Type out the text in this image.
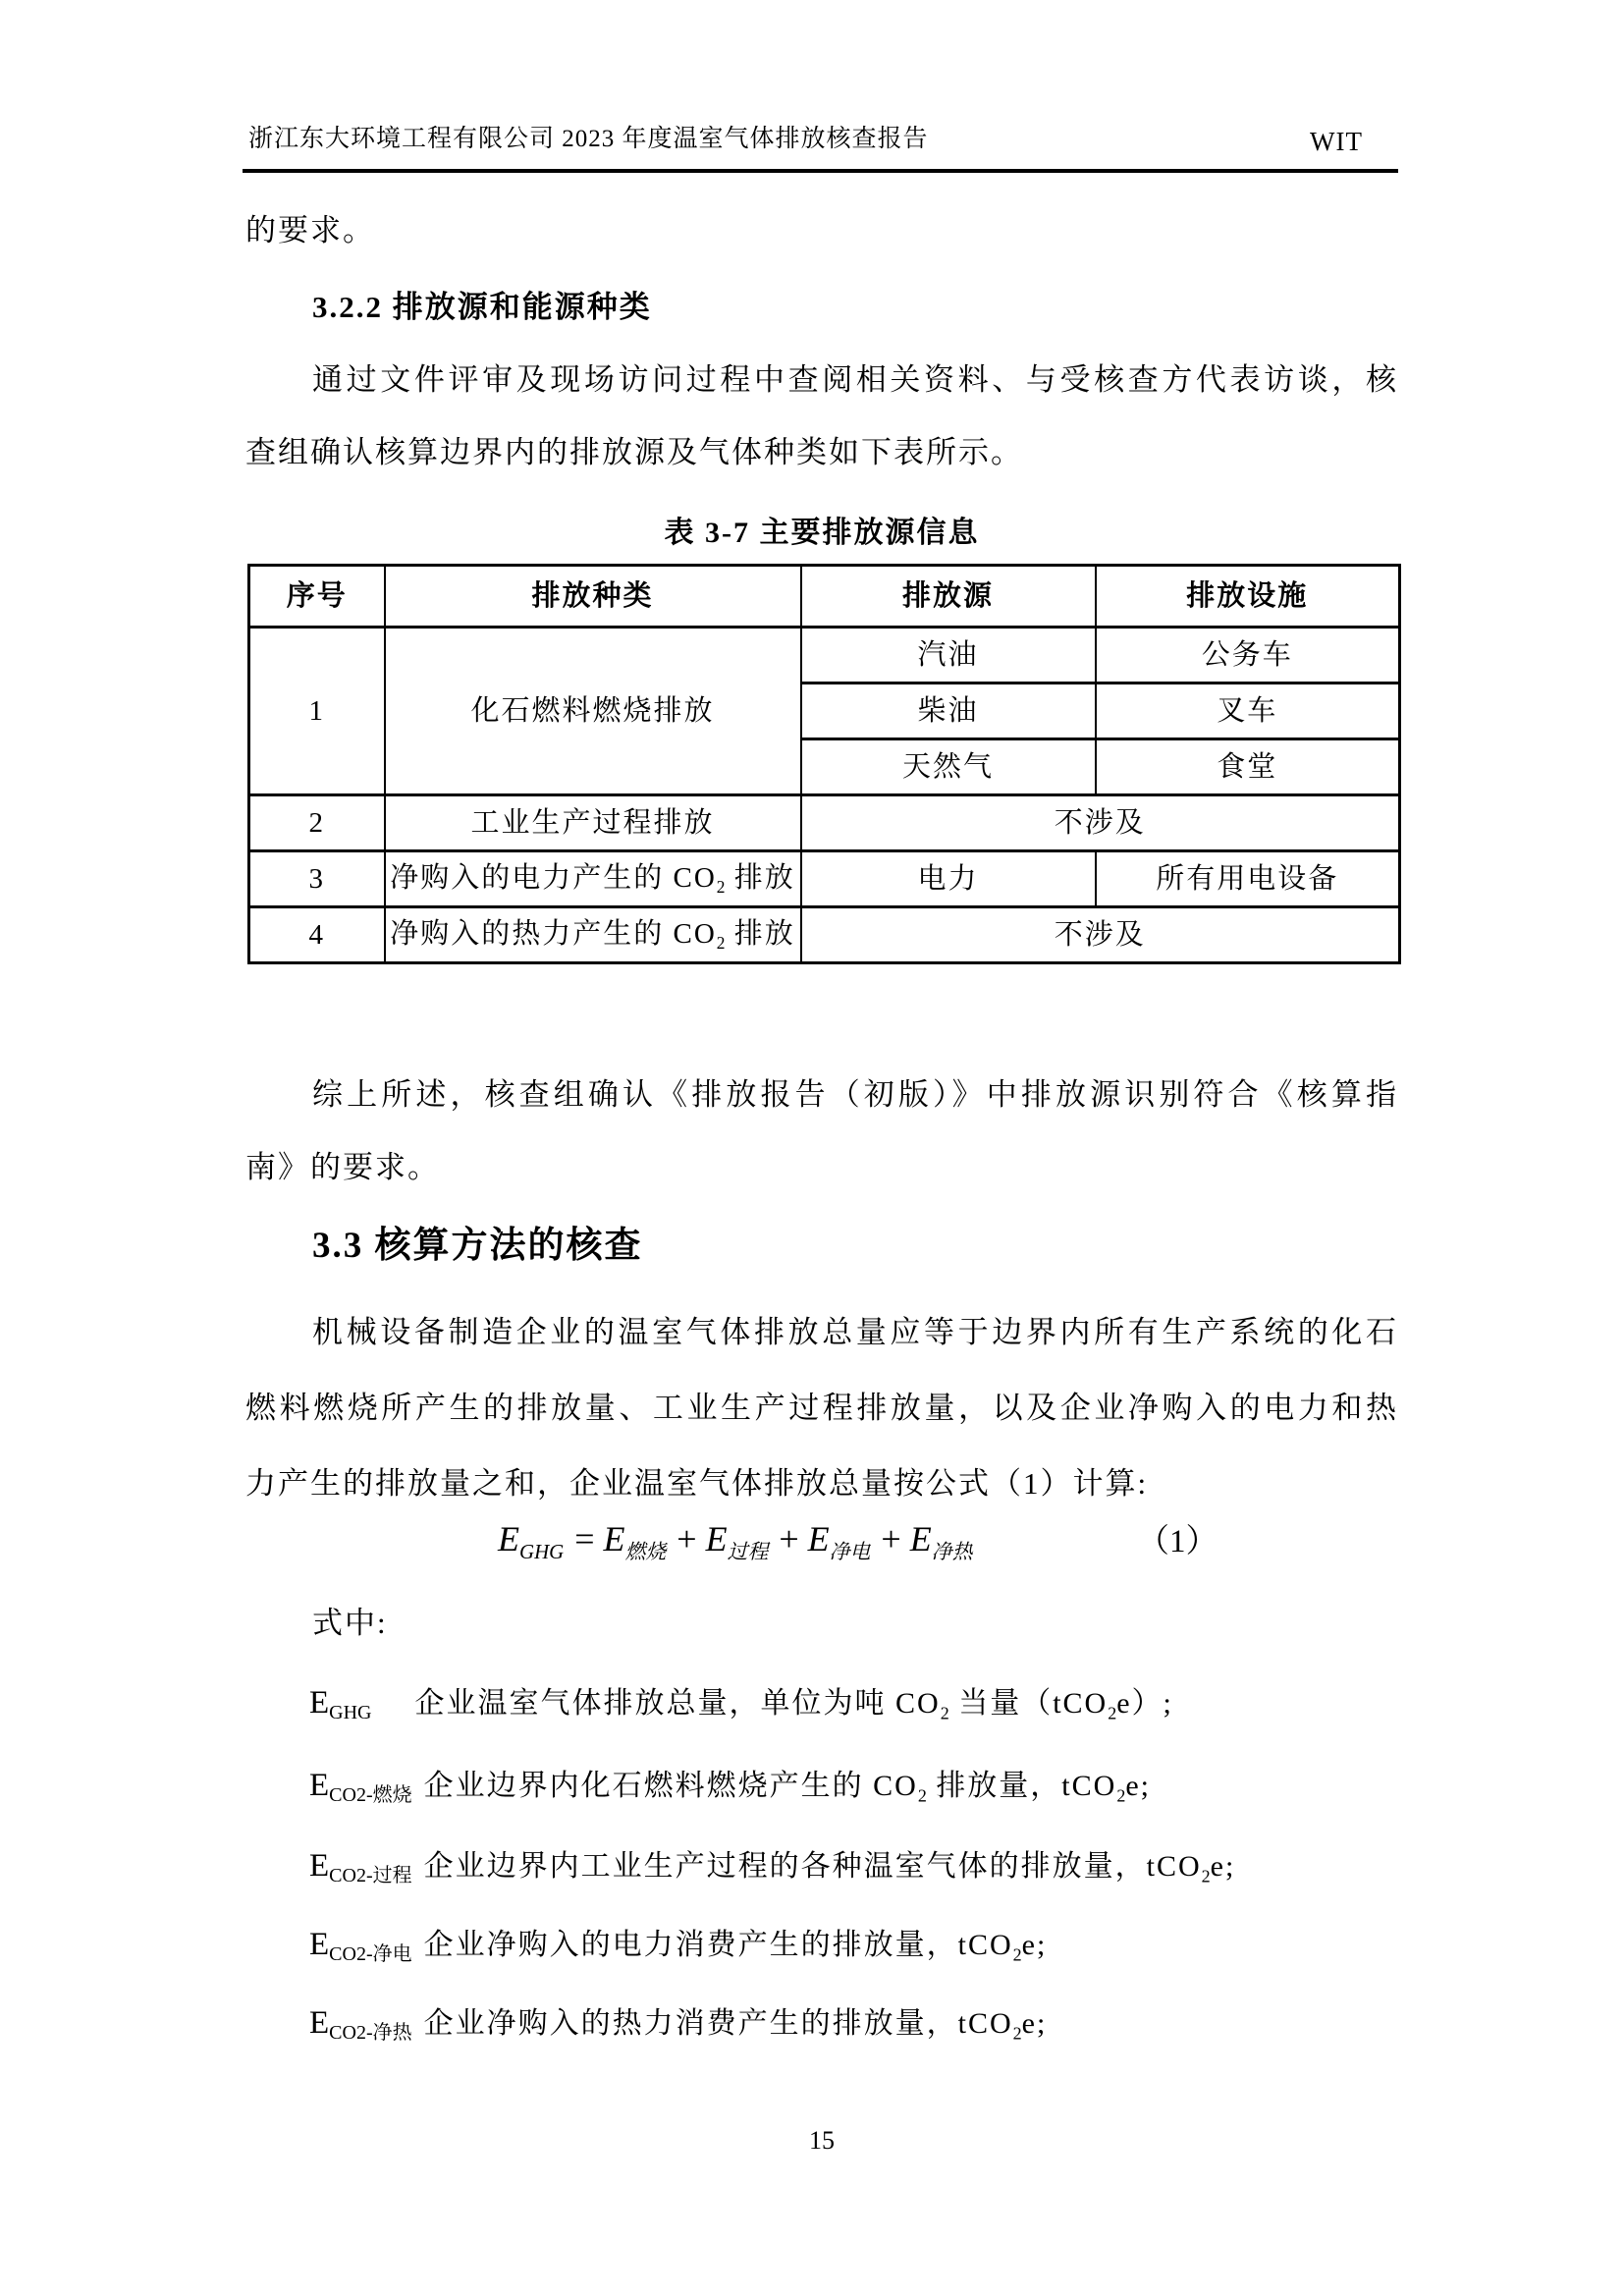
浙江东大环境工程有限公司 2023 年度温室气体排放核查报告	WIT
的要求。
3.2.2 排放源和能源种类
通过文件评审及现场访问过程中查阅相关资料、与受核查方代表访谈，核
查组确认核算边界内的排放源及气体种类如下表所示。
表 3-7 主要排放源信息
序号	排放种类	排放源	排放设施
1	化石燃料燃烧排放	汽油	公务车
		柴油	叉车
		天然气	食堂
2	工业生产过程排放	不涉及	
3	净购入的电力产生的 $CO_2$ 排放	电力	所有用电设备
4	净购入的热力产生的 $CO_2$ 排放	不涉及	
综上所述，核查组确认《排放报告（初版）》中排放源识别符合《核算指
南》的要求。
3.3 核算方法的核查
机械设备制造企业的温室气体排放总量应等于边界内所有生产系统的化石
燃料燃烧所产生的排放量、工业生产过程排放量，以及企业净购入的电力和热
力产生的排放量之和，企业温室气体排放总量按公式（1）计算:
$E_{GHG} = E_{燃烧} + E_{过程} + E_{净电} + E_{净热}$	（1）
式中:
$E_{GHG}$　企业温室气体排放总量，单位为吨 $CO_2$ 当量（tCO$_2$e）;
$E_{CO2-燃烧}$ 企业边界内化石燃料燃烧产生的 $CO_2$ 排放量，tCO$_2$e;
$E_{CO2-过程}$ 企业边界内工业生产过程的各种温室气体的排放量，tCO$_2$e;
$E_{CO2-净电}$ 企业净购入的电力消费产生的排放量，tCO$_2$e;
$E_{CO2-净热}$ 企业净购入的热力消费产生的排放量，tCO$_2$e;
15
